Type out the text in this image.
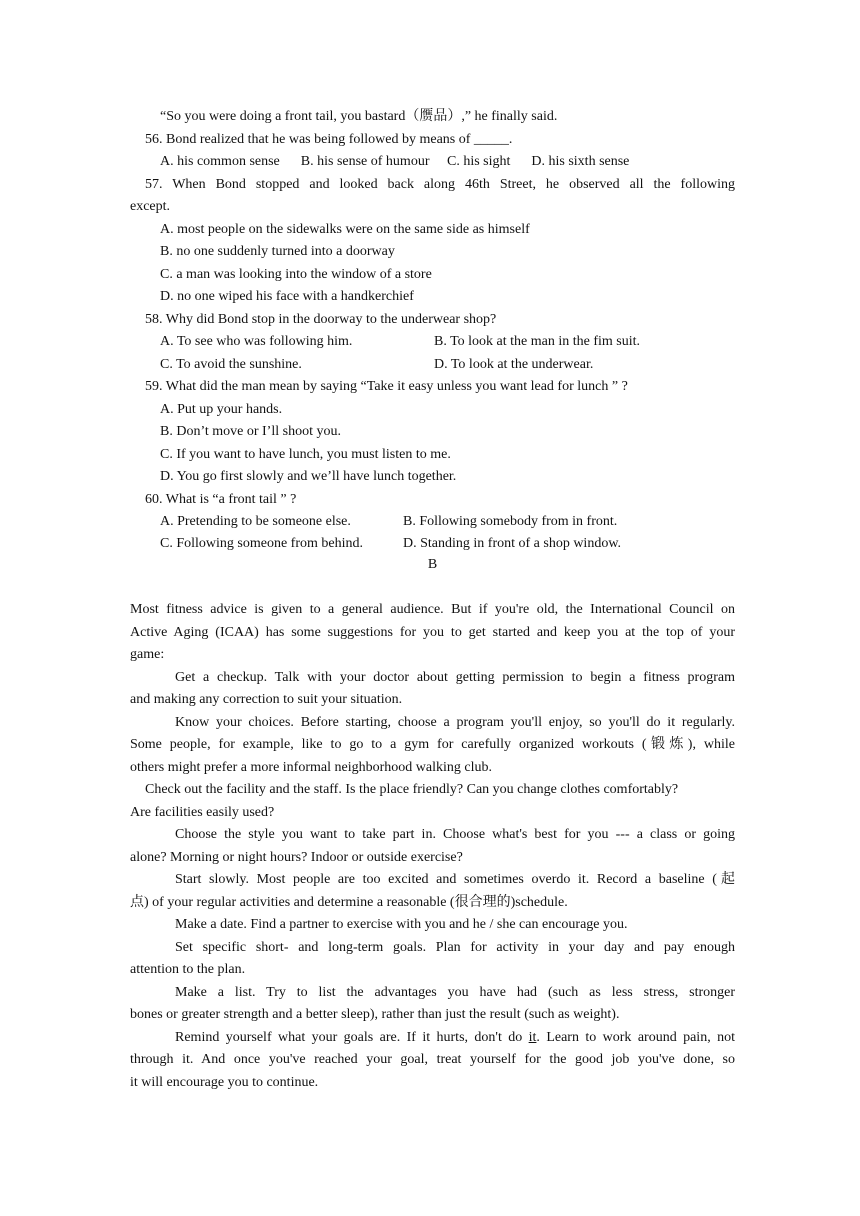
“So you were doing a front tail, you bastard（赝品）,” he finally said.
56. Bond realized that he was being followed by means of _____.
A. his common sense B. his sense of humour C. his sight D. his sixth sense
57. When Bond stopped and looked back along 46th Street, he observed all the following
except.
A. most people on the sidewalks were on the same side as himself
B. no one suddenly turned into a doorway
C. a man was looking into the window of a store
D. no one wiped his face with a handkerchief
58. Why did Bond stop in the doorway to the underwear shop?
A. To see who was following him.	B. To look at the man in the fim suit.
C. To avoid the sunshine.	D. To look at the underwear.
59. What did the man mean by saying “Take it easy unless you want lead for lunch ” ?
A. Put up your hands.
B. Don’t move or I’ll shoot you.
C. If you want to have lunch, you must listen to me.
D. You go first slowly and we’ll have lunch together.
60. What is “a front tail ” ?
A. Pretending to be someone else.	B. Following somebody from in front.
C. Following someone from behind.	D. Standing in front of a shop window.
B
Most fitness advice is given to a general audience. But if you're old, the International Council on
Active Aging (ICAA) has some suggestions for you to get started and keep you at the top of your
game:
Get a checkup. Talk with your doctor about getting permission to begin a fitness program
and making any correction to suit your situation.
Know your choices. Before starting, choose a program you'll enjoy, so you'll do it regularly.
Some people, for example, like to go to a gym for carefully organized workouts (锻炼), while
others might prefer a more informal neighborhood walking club.
Check out the facility and the staff. Is the place friendly? Can you change clothes comfortably?
Are facilities easily used?
Choose the style you want to take part in. Choose what's best for you --- a class or going
alone? Morning or night hours? Indoor or outside exercise?
Start slowly. Most people are too excited and sometimes overdo it. Record a baseline (起
点) of your regular activities and determine a reasonable (很合理的)schedule.
Make a date. Find a partner to exercise with you and he / she can encourage you.
Set specific short- and long-term goals. Plan for activity in your day and pay enough
attention to the plan.
Make a list. Try to list the advantages you have had (such as less stress, stronger
bones or greater strength and a better sleep), rather than just the result (such as weight).
Remind yourself what your goals are. If it hurts, don't do it. Learn to work around pain, not
through it. And once you've reached your goal, treat yourself for the good job you've done, so
it will encourage you to continue.
